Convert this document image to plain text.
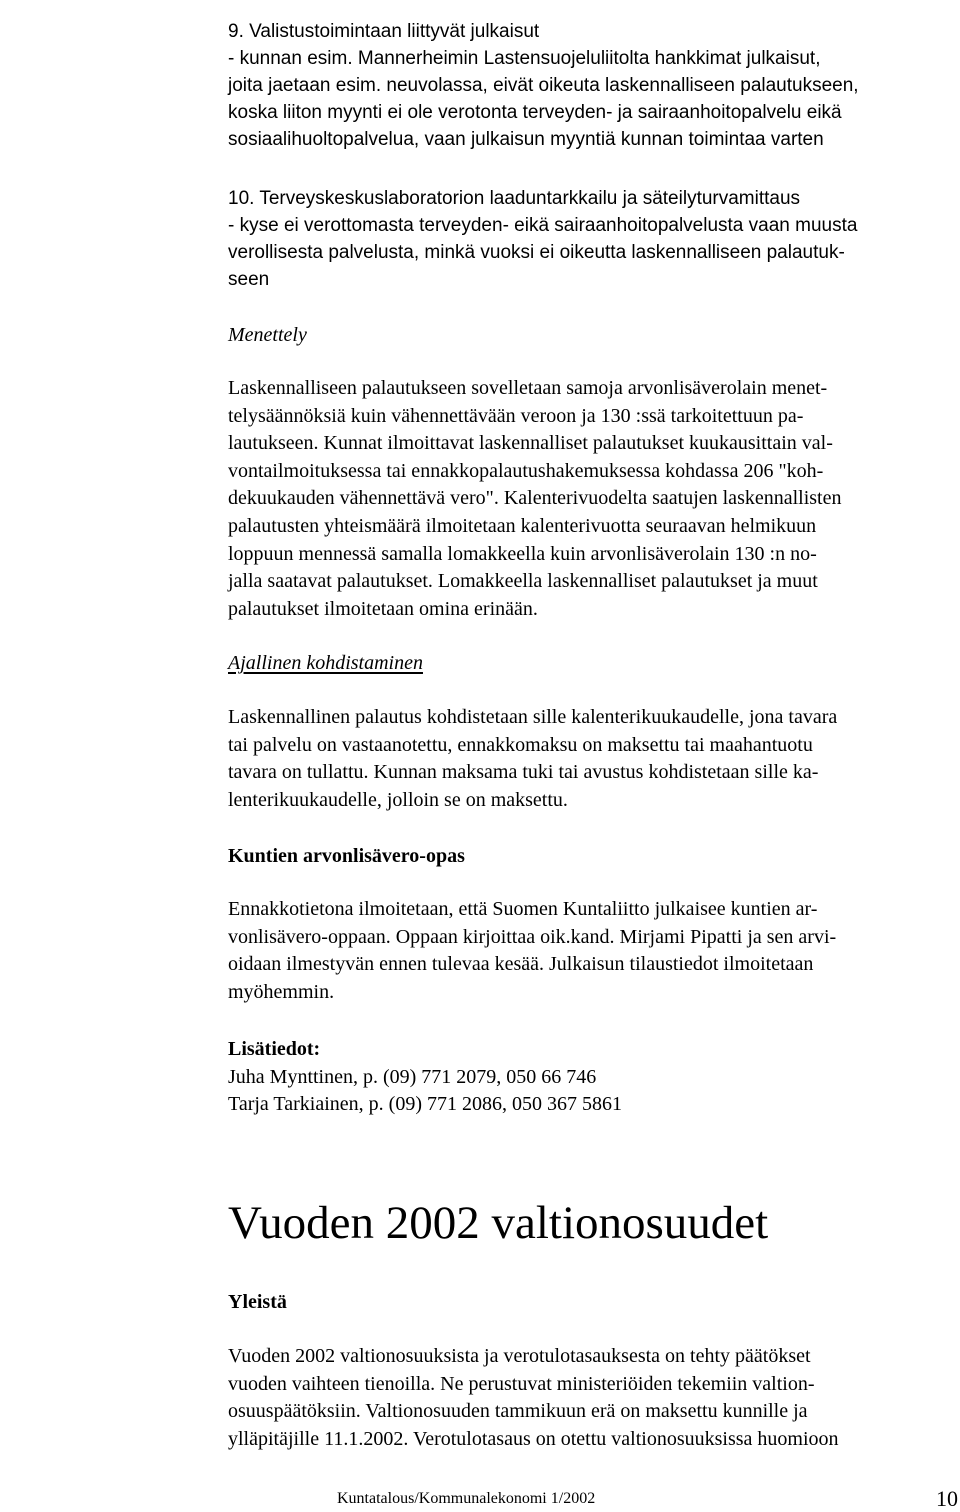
9. Valistustoimintaan liittyvät julkaisut
- kunnan esim. Mannerheimin Lastensuojeluliitolta hankkimat julkaisut,
joita jaetaan esim. neuvolassa, eivät oikeuta laskennalliseen palautukseen,
koska liiton myynti ei ole verotonta terveyden- ja sairaanhoitopalvelu eikä
sosiaalihuoltopalvelua, vaan julkaisun myyntiä kunnan toimintaa varten
10. Terveyskeskuslaboratorion laaduntarkkailu ja säteilyturvamittaus
- kyse ei verottomasta terveyden- eikä sairaanhoitopalvelusta vaan muusta
verollisesta palvelusta, minkä vuoksi ei oikeutta laskennalliseen palautuk-
seen
Menettely
Laskennalliseen palautukseen sovelletaan samoja arvonlisäverolain menet-
telysäännöksiä kuin vähennettävään veroon ja 130 :ssä tarkoitettuun pa-
lautukseen. Kunnat ilmoittavat laskennalliset palautukset kuukausittain val-
vontailmoituksessa tai ennakkopalautushakemuksessa kohdassa 206 "koh-
dekuukauden vähennettävä vero". Kalenterivuodelta saatujen laskennallisten
palautusten yhteismäärä ilmoitetaan kalenterivuotta seuraavan helmikuun
loppuun mennessä samalla lomakkeella kuin arvonlisäverolain 130 :n no-
jalla saatavat palautukset. Lomakkeella laskennalliset palautukset ja muut
palautukset ilmoitetaan omina erinään.
Ajallinen kohdistaminen
Laskennallinen palautus kohdistetaan sille kalenterikuukaudelle, jona tavara
tai palvelu on vastaanotettu, ennakkomaksu on maksettu tai maahantuotu
tavara on tullattu. Kunnan maksama tuki tai avustus kohdistetaan sille ka-
lenterikuukaudelle, jolloin se on maksettu.
Kuntien arvonlisävero-opas
Ennakkotietona ilmoitetaan, että Suomen Kuntaliitto julkaisee kuntien ar-
vonlisävero-oppaan. Oppaan kirjoittaa oik.kand. Mirjami Pipatti ja sen arvi-
oidaan ilmestyvän ennen tulevaa kesää. Julkaisun tilaustiedot ilmoitetaan
myöhemmin.
Lisätiedot:
Juha Mynttinen, p. (09) 771 2079, 050 66 746
Tarja Tarkiainen, p. (09) 771 2086, 050 367 5861
Vuoden 2002 valtionosuudet
Yleistä
Vuoden 2002 valtionosuuksista ja verotulotasauksesta on tehty päätökset
vuoden vaihteen tienoilla. Ne perustuvat ministeriöiden tekemiin valtion-
osuuspäätöksiin. Valtionosuuden tammikuun erä on maksettu kunnille ja
ylläpitäjille 11.1.2002. Verotulotasaus on otettu valtionosuuksissa huomioon
Kuntatalous/Kommunalekonomi 1/2002	10
